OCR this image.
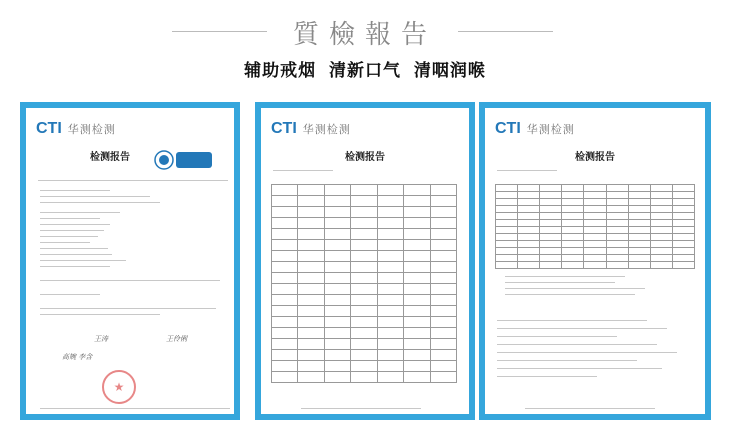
質檢報告
辅助戒烟 清新口气 清咽润喉
CTI 华测检测
检测报告
王涛	王伶俐
高婉 李含
★
CTI 华测检测
检测报告

CTI 华测检测
检测报告
